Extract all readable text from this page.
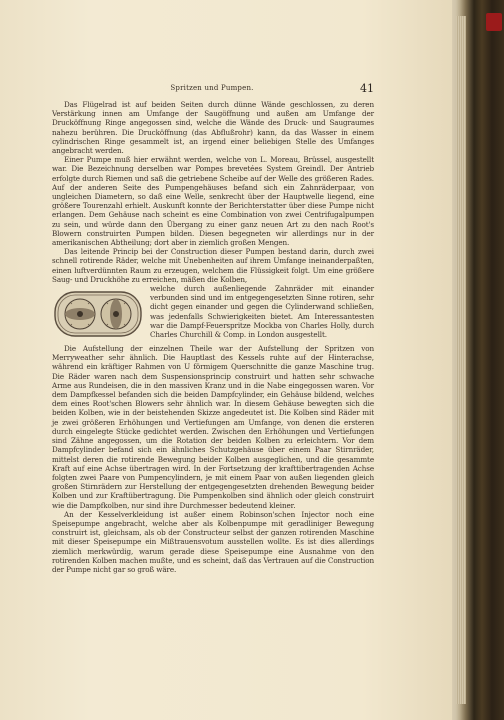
Spritzen und Pumpen.	41

Das Flügelrad ist auf beiden Seiten durch dünne Wände geschlossen, zu deren Verstärkung innen am Umfange der Saugöffnung und außen am Umfange der Drucköffnung Ringe angegossen sind, welche die Wände des Druck- und Saugraumes nahezu berühren. Die Drucköffnung (das Abflußrohr) kann, da das Wasser in einem cylindrischen Ringe gesammelt ist, an irgend einer beliebigen Stelle des Umfanges angebracht werden.

Einer Pumpe muß hier erwähnt werden, welche von L. Moreau, Brüssel, ausgestellt war. Die Bezeichnung derselben war Pompes brevetées System Greindl. Der Antrieb erfolgte durch Riemen und saß die getriebene Scheibe auf der Welle des größeren Rades. Auf der anderen Seite des Pumpengehäuses befand sich ein Zahnräderpaar, von ungleichen Diametern, so daß eine Welle, senkrecht über der Hauptwelle liegend, eine größere Tourenzahl erhielt. Auskunft konnte der Berichterstatter über diese Pumpe nicht erlangen. Dem Gehäuse nach scheint es eine Combination von zwei Centrifugalpumpen zu sein, und würde dann den Übergang zu einer ganz neuen Art zu den nach Root's Blowern construirten Pumpen bilden. Diesen begegneten wir allerdings nur in der amerikanischen Abtheilung; dort aber in ziemlich großen Mengen.

Das leitende Princip bei der Construction dieser Pumpen bestand darin, durch zwei schnell rotirende Räder, welche mit Unebenheiten auf ihrem Umfange ineinanderpaßten, einen luftverdünnten Raum zu erzeugen, welchem die Flüssigkeit folgt. Um eine größere Saug- und Druckhöhe zu erreichen, mäßen die Kolben,

welche durch außenliegende Zahnräder mit einander verbunden sind und im entgegengesetzten Sinne rotiren, sehr dicht gegen einander und gegen die Cylinderwand schließen, was jedenfalls Schwierigkeiten bietet. Am Interessantesten war die Dampf-Feuerspritze Mockba von Charles Holly, durch Charles Churchill & Comp. in London ausgestellt.

Die Aufstellung der einzelnen Theile war der Aufstellung der Spritzen von Merryweather sehr ähnlich. Die Hauptlast des Kessels ruhte auf der Hinterachse, während ein kräftiger Rahmen von U förmigem Querschnitte die ganze Maschine trug. Die Räder waren nach dem Suspensionsprincip construirt und hatten sehr schwache Arme aus Rundeisen, die in den massiven Kranz und in die Nabe eingegossen waren. Vor dem Dampfkessel befanden sich die beiden Dampfcylinder, ein Gehäuse bildend, welches dem eines Root'schen Blowers sehr ähnlich war. In diesem Gehäuse bewegten sich die beiden Kolben, wie in der beistehenden Skizze angedeutet ist. Die Kolben sind Räder mit je zwei größeren Erhöhungen und Vertiefungen am Umfange, von denen die ersteren durch eingelegte Stücke gedichtet werden. Zwischen den Erhöhungen und Vertiefungen sind Zähne angegossen, um die Rotation der beiden Kolben zu erleichtern. Vor dem Dampfcylinder befand sich ein ähnliches Schutzgehäuse über einem Paar Stirnräder, mittelst deren die rotirende Bewegung beider Kolben ausgeglichen, und die gesammte Kraft auf eine Achse übertragen wird. In der Fortsetzung der krafttibertragenden Achse folgten zwei Paare von Pumpencylindern, je mit einem Paar von außen liegenden gleich großen Stirnrädern zur Herstellung der entgegengesetzten drehenden Bewegung beider Kolben und zur Kraftübertragung. Die Pumpenkolben sind ähnlich oder gleich construirt wie die Dampfkolben, nur sind ihre Durchmesser bedeutend kleiner.

An der Kesselverkleidung ist außer einem Robinson'schen Injector noch eine Speisepumpe angebracht, welche aber als Kolbenpumpe mit geradliniger Bewegung construirt ist, gleichsam, als ob der Constructeur selbst der ganzen rotirenden Maschine mit dieser Speisepumpe ein Mißtrauensvotum ausstellen wollte. Es ist dies allerdings ziemlich merkwürdig, warum gerade diese Speisepumpe eine Ausnahme von den rotirenden Kolben machen mußte, und es scheint, daß das Vertrauen auf die Construction der Pumpe nicht gar so groß wäre.
